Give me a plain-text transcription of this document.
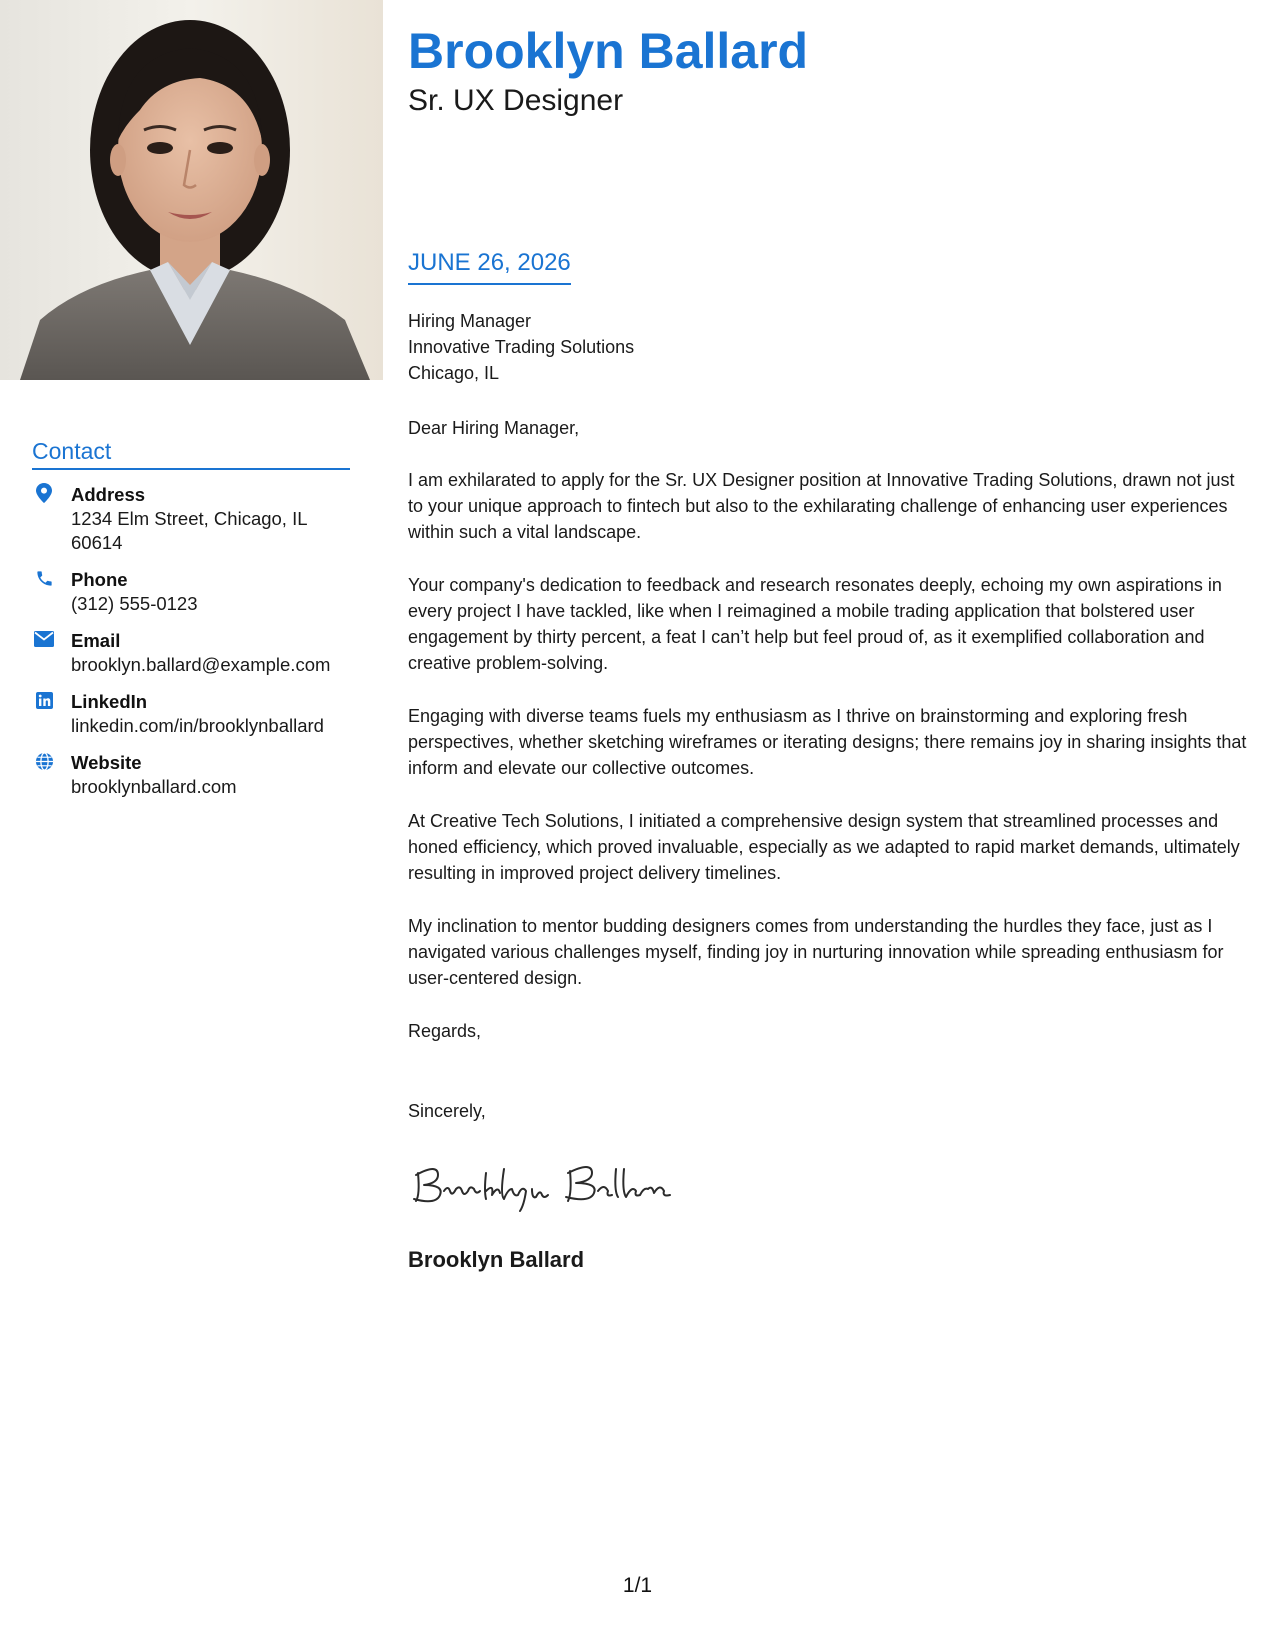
Contact
Address
1234 Elm Street, Chicago, IL 60614
Phone
(312) 555-0123
Email
brooklyn.ballard@example.com
LinkedIn
linkedin.com/in/brooklynballard
Website
brooklynballard.com
Brooklyn Ballard
Sr. UX Designer
JUNE 26, 2026
Hiring Manager
Innovative Trading Solutions
Chicago, IL
Dear Hiring Manager,

I am exhilarated to apply for the Sr. UX Designer position at Innovative Trading Solutions, drawn not just to your unique approach to fintech but also to the exhilarating challenge of enhancing user experiences within such a vital landscape.

Your company's dedication to feedback and research resonates deeply, echoing my own aspirations in every project I have tackled, like when I reimagined a mobile trading application that bolstered user engagement by thirty percent, a feat I can’t help but feel proud of, as it exemplified collaboration and creative problem-solving.

Engaging with diverse teams fuels my enthusiasm as I thrive on brainstorming and exploring fresh perspectives, whether sketching wireframes or iterating designs; there remains joy in sharing insights that inform and elevate our collective outcomes.

At Creative Tech Solutions, I initiated a comprehensive design system that streamlined processes and honed efficiency, which proved invaluable, especially as we adapted to rapid market demands, ultimately resulting in improved project delivery timelines.

My inclination to mentor budding designers comes from understanding the hurdles they face, just as I navigated various challenges myself, finding joy in nurturing innovation while spreading enthusiasm for user-centered design.

Regards,
Sincerely,
Brooklyn Ballard
1/1
